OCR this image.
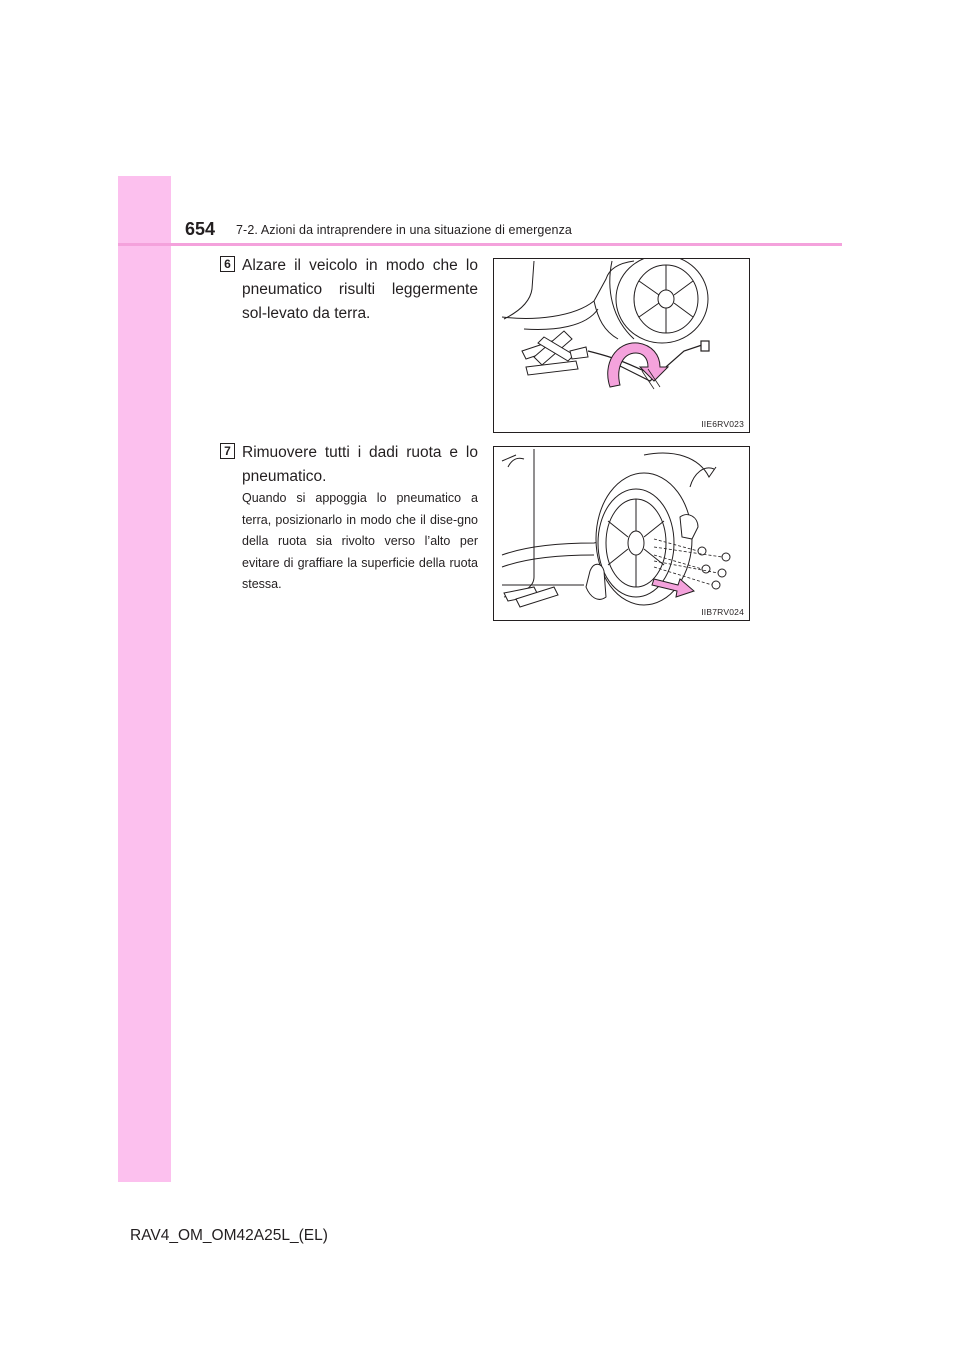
654 7-2. Azioni da intraprendere in una situazione di emergenza
6 Alzare il veicolo in modo che lo pneumatico risulti leggermente sol-levato da terra.
IIE6RV023
7 Rimuovere tutti i dadi ruota e lo pneumatico.
Quando si appoggia lo pneumatico a terra, posizionarlo in modo che il dise-gno della ruota sia rivolto verso l’alto per evitare di graffiare la superficie della ruota stessa.
IIB7RV024
RAV4_OM_OM42A25L_(EL)
